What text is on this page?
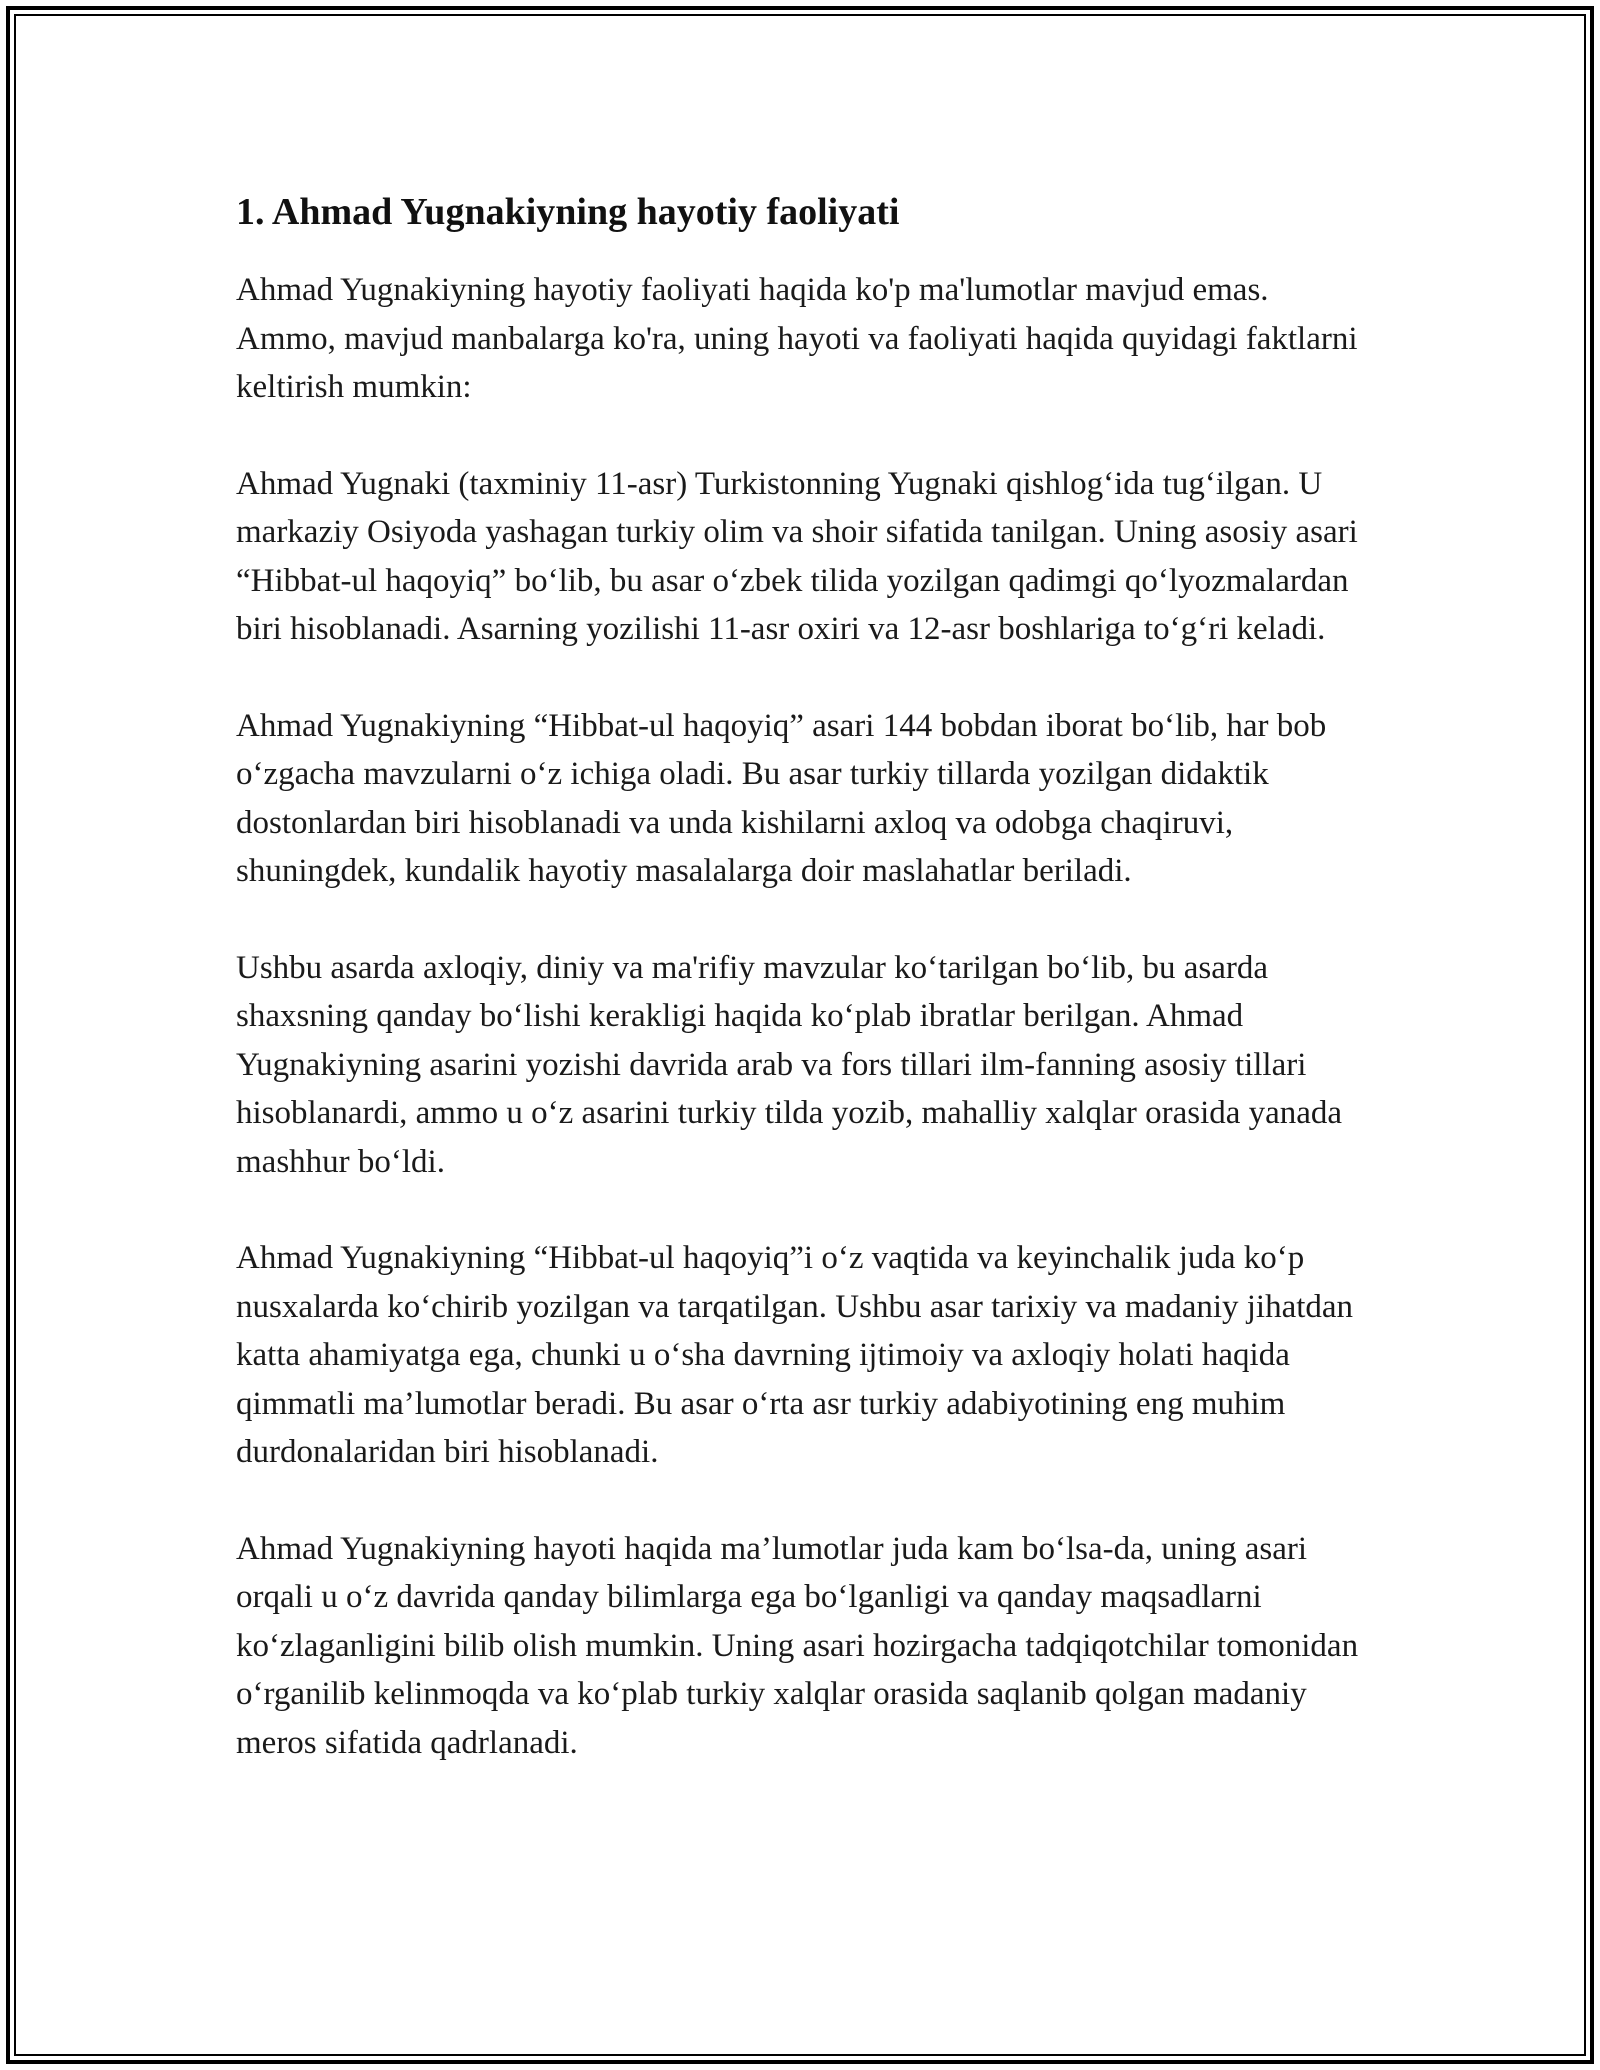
1. Ahmad Yugnakiyning hayotiy faoliyati

Ahmad Yugnakiyning hayotiy faoliyati haqida ko'p ma'lumotlar mavjud emas. Ammo, mavjud manbalarga ko'ra, uning hayoti va faoliyati haqida quyidagi faktlarni keltirish mumkin:

Ahmad Yugnaki (taxminiy 11-asr) Turkistonning Yugnaki qishlog‘ida tug‘ilgan. U markaziy Osiyoda yashagan turkiy olim va shoir sifatida tanilgan. Uning asosiy asari “Hibbat-ul haqoyiq” bo‘lib, bu asar o‘zbek tilida yozilgan qadimgi qo‘lyozmalardan biri hisoblanadi. Asarning yozilishi 11-asr oxiri va 12-asr boshlariga to‘g‘ri keladi.

Ahmad Yugnakiyning “Hibbat-ul haqoyiq” asari 144 bobdan iborat bo‘lib, har bob o‘zgacha mavzularni o‘z ichiga oladi. Bu asar turkiy tillarda yozilgan didaktik dostonlardan biri hisoblanadi va unda kishilarni axloq va odobga chaqiruvi, shuningdek, kundalik hayotiy masalalarga doir maslahatlar beriladi.

Ushbu asarda axloqiy, diniy va ma'rifiy mavzular ko‘tarilgan bo‘lib, bu asarda shaxsning qanday bo‘lishi kerakligi haqida ko‘plab ibratlar berilgan. Ahmad Yugnakiyning asarini yozishi davrida arab va fors tillari ilm-fanning asosiy tillari hisoblanardi, ammo u o‘z asarini turkiy tilda yozib, mahalliy xalqlar orasida yanada mashhur bo‘ldi.

Ahmad Yugnakiyning “Hibbat-ul haqoyiq”i o‘z vaqtida va keyinchalik juda ko‘p nusxalarda ko‘chirib yozilgan va tarqatilgan. Ushbu asar tarixiy va madaniy jihatdan katta ahamiyatga ega, chunki u o‘sha davrning ijtimoiy va axloqiy holati haqida qimmatli ma’lumotlar beradi. Bu asar o‘rta asr turkiy adabiyotining eng muhim durdonalaridan biri hisoblanadi.

Ahmad Yugnakiyning hayoti haqida ma’lumotlar juda kam bo‘lsa-da, uning asari orqali u o‘z davrida qanday bilimlarga ega bo‘lganligi va qanday maqsadlarni ko‘zlaganligini bilib olish mumkin. Uning asari hozirgacha tadqiqotchilar tomonidan o‘rganilib kelinmoqda va ko‘plab turkiy xalqlar orasida saqlanib qolgan madaniy meros sifatida qadrlanadi.
